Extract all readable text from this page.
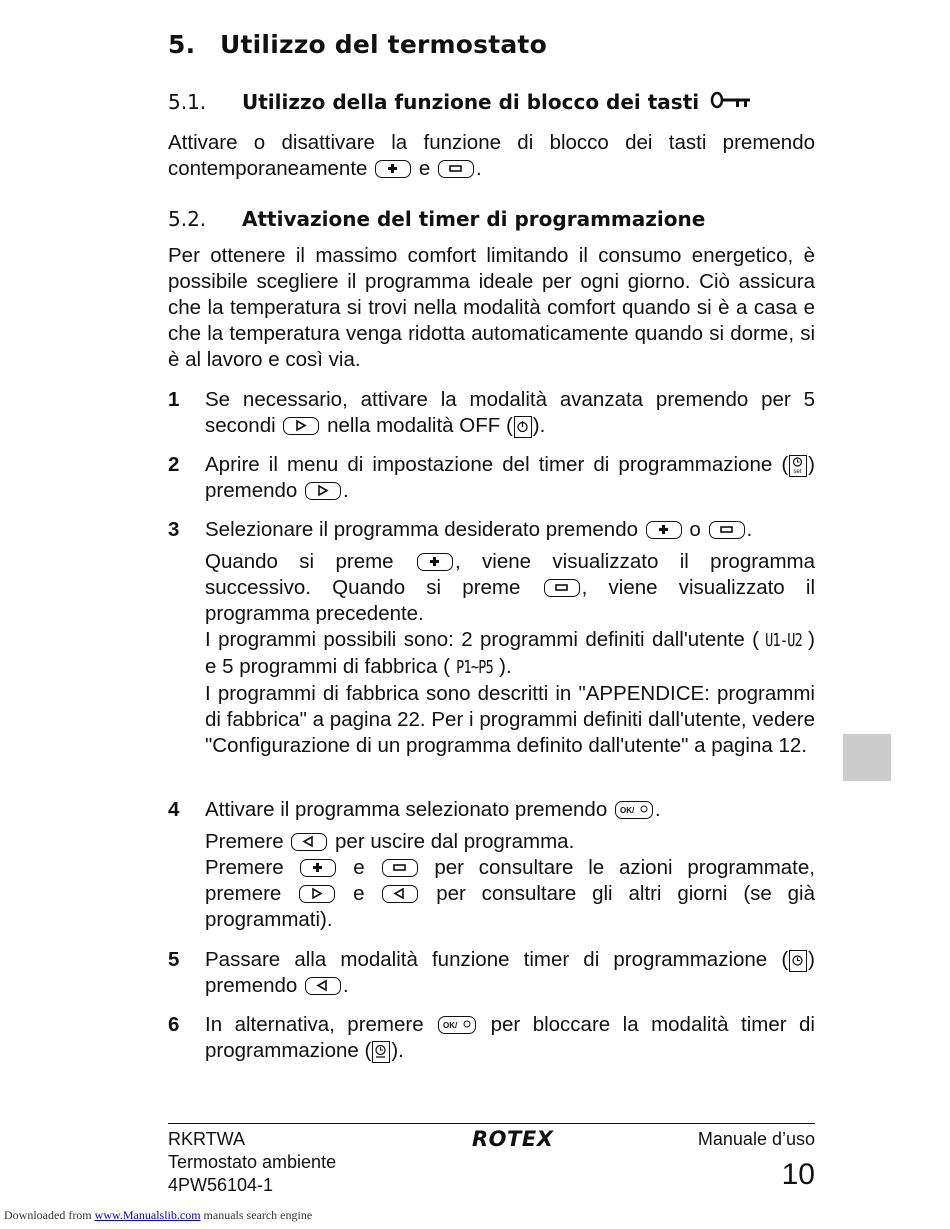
5. Utilizzo del termostato
5.1. Utilizzo della funzione di blocco dei tasti
Attivare o disattivare la funzione di blocco dei tasti premendo contemporaneamente	e .
5.2. Attivazione del timer di programmazione
Per ottenere il massimo comfort limitando il consumo energetico, è possibile scegliere il programma ideale per ogni giorno. Ciò assicura che la temperatura si trovi nella modalità comfort quando si è a casa e che la temperatura venga ridotta automaticamente quando si dorme, si è al lavoro e così via.
1 Se necessario, attivare la modalità avanzata premendo per 5 secondi	nella modalità OFF ( ).
2 Aprire il menu di impostazione del timer di programmazione ( set ) premendo .
3 Selezionare il programma desiderato premendo	o .
Quando si preme	, viene visualizzato il programma successivo. Quando si preme	, viene visualizzato il programma precedente.
I programmi possibili sono: 2 programmi definiti dall'utente ( U1-U2 ) e 5 programmi di fabbrica ( P1~P5 ).
I programmi di fabbrica sono descritti in "APPENDICE: programmi di fabbrica" a pagina 22. Per i programmi definiti dall'utente, vedere "Configurazione di un programma definito dall'utente" a pagina 12.
4 Attivare il programma selezionato premendo OK/ .
Premere	per uscire dal programma.
Premere	e	per consultare le azioni programmate, premere	e	per consultare gli altri giorni (se già programmati).
5 Passare alla modalità funzione timer di programmazione ( ) premendo .
6 In alternativa, premere OK/ per bloccare la modalità timer di programmazione ( ).
RKRTWA
Termostato ambiente
4PW56104-1
ROTEX	Manuale d’uso
10
Downloaded from www.Manualslib.com manuals search engine
